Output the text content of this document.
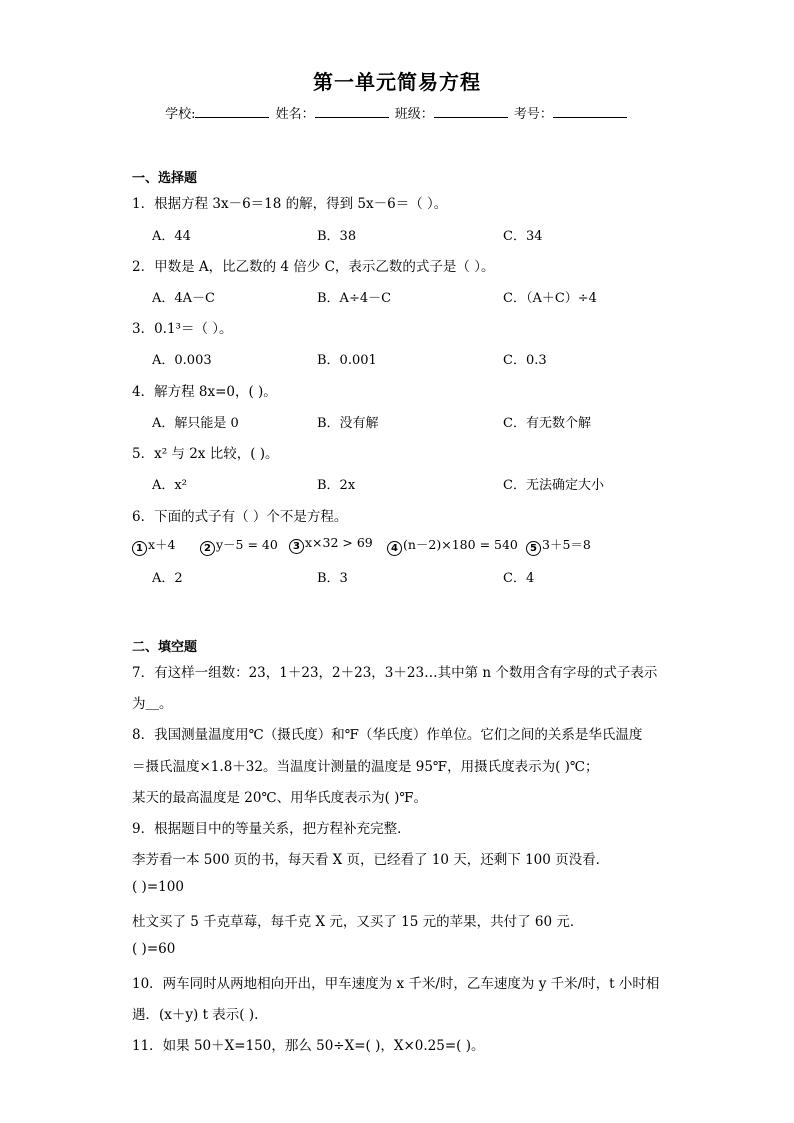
第一单元简易方程
学校:	姓名：	班级：	考号：
一、选择题
1．根据方程 3x－6＝18 的解，得到 5x－6＝（ ）。
A．44	B．38	C．34
2．甲数是 A，比乙数的 4 倍少 C，表示乙数的式子是（ ）。
A．4A－C	B．A÷4－C	C．（A＋C）÷4
3．0.1³＝（ ）。
A．0.003	B．0.001	C．0.3
4．解方程 8x=0，( )。
A．解只能是 0	B．没有解	C．有无数个解
5．x² 与 2x 比较，( )。
A．x²	B．2x	C．无法确定大小
6．下面的式子有（ ）个不是方程。
1 x＋4	2 y－5 = 40	3 x×32 > 69	4 (n－2)×180 = 540	5 3＋5＝8
A．2	B．3	C．4
二、填空题
7．有这样一组数：23，1＋23，2＋23，3＋23…其中第 n 个数用含有字母的式子表示
为＿。
8．我国测量温度用℃（摄氏度）和℉（华氏度）作单位。它们之间的关系是华氏温度
＝摄氏温度×1.8＋32。当温度计测量的温度是 95℉，用摄氏度表示为( )℃；
某天的最高温度是 20℃、用华氏度表示为( )℉。
9．根据题目中的等量关系，把方程补充完整．
李芳看一本 500 页的书，每天看 X 页，已经看了 10 天，还剩下 100 页没看．
( )=100
杜文买了 5 千克草莓，每千克 X 元，又买了 15 元的苹果，共付了 60 元．
( )=60
10．两车同时从两地相向开出，甲车速度为 x 千米/时，乙车速度为 y 千米/时，t 小时相
遇．(x＋y) t 表示( ).
11．如果 50＋X=150，那么 50÷X=( )，X×0.25=( )。
